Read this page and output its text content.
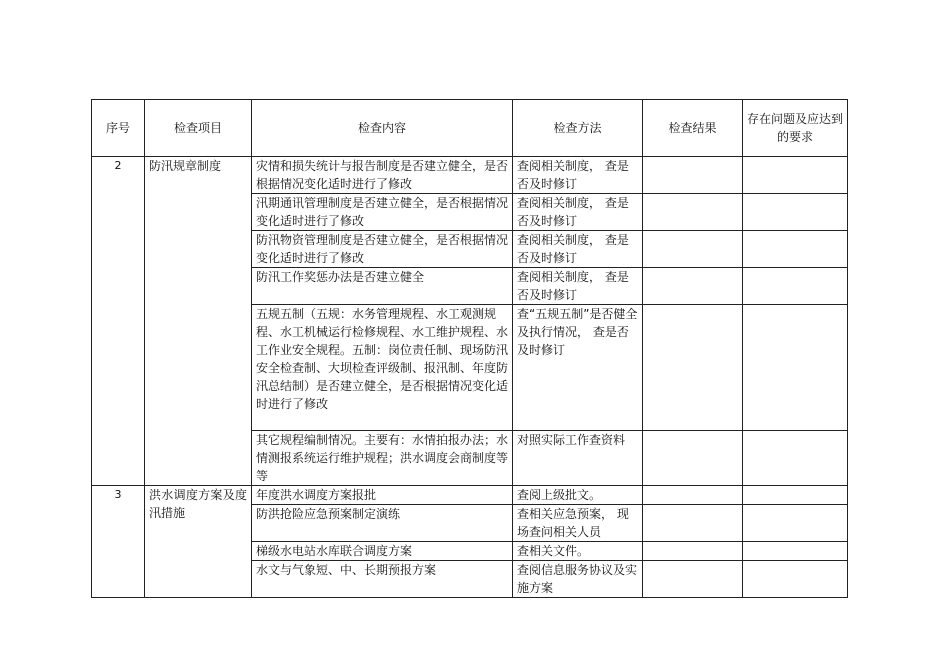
序号	检查项目	检查内容	检查方法	检查结果	存在问题及应达到
的要求
2	防汛规章制度	灾情和损失统计与报告制度是否建立健全，是否根据情况变化适时进行了修改	查阅相关制度， 查是否及时修订		
		汛期通讯管理制度是否建立健全，是否根据情况变化适时进行了修改	查阅相关制度， 查是否及时修订		
		防汛物资管理制度是否建立健全，是否根据情况变化适时进行了修改	查阅相关制度， 查是否及时修订		
		防汛工作奖惩办法是否建立健全	查阅相关制度， 查是否及时修订		
		五规五制（五规：水务管理规程、水工观测规程、水工机械运行检修规程、水工维护规程、水工作业安全规程。五制：岗位责任制、现场防汛安全检查制、大坝检查评级制、报汛制、年度防汛总结制）是否建立健全，是否根据情况变化适时进行了修改	查“五规五制”是否健全及执行情况， 查是否及时修订		
		其它规程编制情况。主要有：水情拍报办法；水情测报系统运行维护规程；洪水调度会商制度等等	对照实际工作查资料		
3	洪水调度方案及度汛措施	年度洪水调度方案报批	查阅上级批文。		
		防洪抢险应急预案制定演练	查相关应急预案， 现场查问相关人员		
		梯级水电站水库联合调度方案	查相关文件。		
		水文与气象短、中、长期预报方案	查阅信息服务协议及实施方案		
